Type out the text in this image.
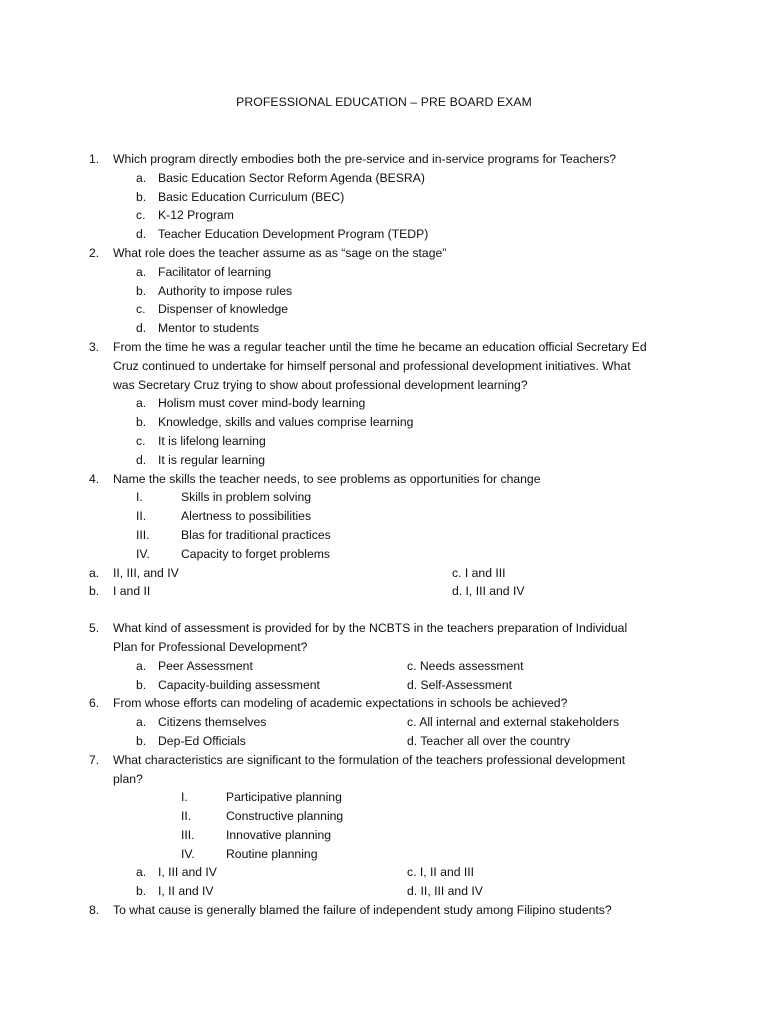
PROFESSIONAL EDUCATION – PRE BOARD EXAM
1. Which program directly embodies both the pre-service and in-service programs for Teachers?
a. Basic Education Sector Reform Agenda (BESRA)
b. Basic Education Curriculum (BEC)
c. K-12 Program
d. Teacher Education Development Program (TEDP)
2. What role does the teacher assume as as “sage on the stage”
a. Facilitator of learning
b. Authority to impose rules
c. Dispenser of knowledge
d. Mentor to students
3. From the time he was a regular teacher until the time he became an education official Secretary Ed Cruz continued to undertake for himself personal and professional development initiatives. What was Secretary Cruz trying to show about professional development learning?
a. Holism must cover mind-body learning
b. Knowledge, skills and values comprise learning
c. It is lifelong learning
d. It is regular learning
4. Name the skills the teacher needs, to see problems as opportunities for change
I.	Skills in problem solving
II.	Alertness to possibilities
III.	Blas for traditional practices
IV.	Capacity to forget problems
a. II, III, and IV	c. I and III
b. I and II	d. I, III and IV
5. What kind of assessment is provided for by the NCBTS in the teachers preparation of Individual Plan for Professional Development?
a. Peer Assessment	c. Needs assessment
b. Capacity-building assessment	d. Self-Assessment
6. From whose efforts can modeling of academic expectations in schools be achieved?
a. Citizens themselves	c. All internal and external stakeholders
b. Dep-Ed Officials	d. Teacher all over the country
7. What characteristics are significant to the formulation of the teachers professional development plan?
I.	Participative planning
II.	Constructive planning
III.	Innovative planning
IV.	Routine planning
a. I, III and IV	c. I, II and III
b. I, II and IV	d. II, III and IV
8. To what cause is generally blamed the failure of independent study among Filipino students?
